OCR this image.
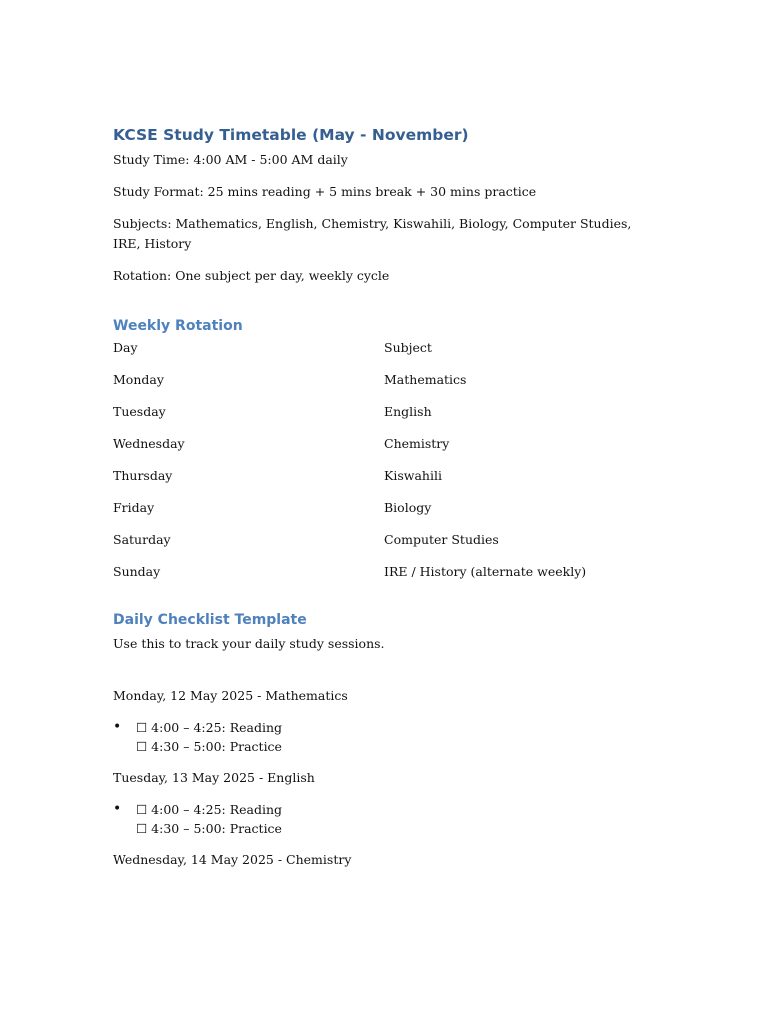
KCSE Study Timetable (May - November)

Study Time: 4:00 AM - 5:00 AM daily

Study Format: 25 mins reading + 5 mins break + 30 mins practice

Subjects: Mathematics, English, Chemistry, Kiswahili, Biology, Computer Studies, IRE, History

Rotation: One subject per day, weekly cycle

Weekly Rotation
Day	Subject
Monday	Mathematics
Tuesday	English
Wednesday	Chemistry
Thursday	Kiswahili
Friday	Biology
Saturday	Computer Studies
Sunday	IRE / History (alternate weekly)
Daily Checklist Template

Use this to track your daily study sessions.

Monday, 12 May 2025 - Mathematics

• ☐ 4:00 – 4:25: Reading
☐ 4:30 – 5:00: Practice

Tuesday, 13 May 2025 - English

• ☐ 4:00 – 4:25: Reading
☐ 4:30 – 5:00: Practice

Wednesday, 14 May 2025 - Chemistry
